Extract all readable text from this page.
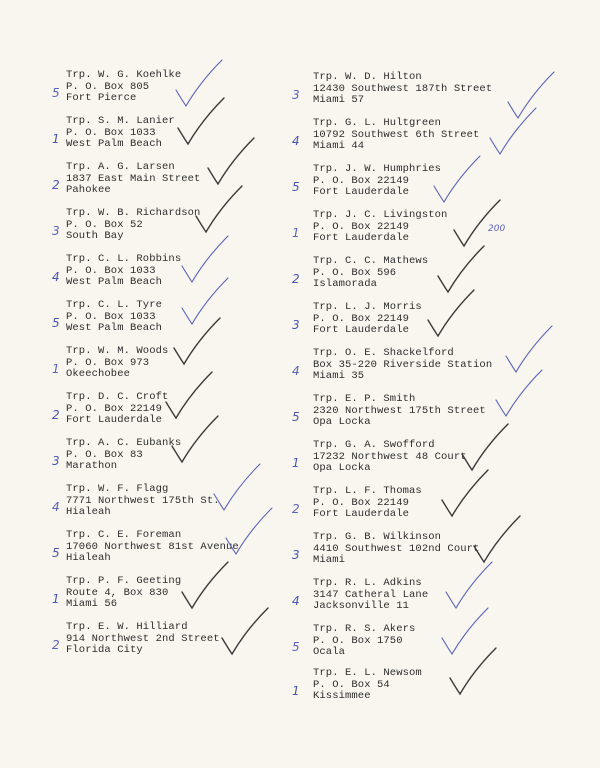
Trp. W. G. Koehlke
P. O. Box 805
Fort Pierce
5
Trp. S. M. Lanier
P. O. Box 1033
West Palm Beach
1
Trp. A. G. Larsen
1837 East Main Street
Pahokee
2
Trp. W. B. Richardson
P. O. Box 52
South Bay
3
Trp. C. L. Robbins
P. O. Box 1033
West Palm Beach
4
Trp. C. L. Tyre
P. O. Box 1033
West Palm Beach
5
Trp. W. M. Woods
P. O. Box 973
Okeechobee
1
Trp. D. C. Croft
P. O. Box 22149
Fort Lauderdale
2
Trp. A. C. Eubanks
P. O. Box 83
Marathon
3
Trp. W. F. Flagg
7771 Northwest 175th St.
Hialeah
4
Trp. C. E. Foreman
17060 Northwest 81st Avenue
Hialeah
5
Trp. P. F. Geeting
Route 4, Box 830
Miami 56
1
Trp. E. W. Hilliard
914 Northwest 2nd Street
Florida City
2
Trp. W. D. Hilton
12430 Southwest 187th Street
Miami 57
3
Trp. G. L. Hultgreen
10792 Southwest 6th Street
Miami 44
4
Trp. J. W. Humphries
P. O. Box 22149
Fort Lauderdale
5
Trp. J. C. Livingston
P. O. Box 22149
Fort Lauderdale
1
Trp. C. C. Mathews
P. O. Box 596
Islamorada
2
Trp. L. J. Morris
P. O. Box 22149
Fort Lauderdale
3
Trp. O. E. Shackelford
Box 35-220 Riverside Station
Miami 35
4
Trp. E. P. Smith
2320 Northwest 175th Street
Opa Locka
5
Trp. G. A. Swofford
17232 Northwest 48 Court
Opa Locka
1
Trp. L. F. Thomas
P. O. Box 22149
Fort Lauderdale
2
Trp. G. B. Wilkinson
4410 Southwest 102nd Court
Miami
3
Trp. R. L. Adkins
3147 Catheral Lane
Jacksonville 11
4
Trp. R. S. Akers
P. O. Box 1750
Ocala
5
Trp. E. L. Newsom
P. O. Box 54
Kissimmee
1
200
